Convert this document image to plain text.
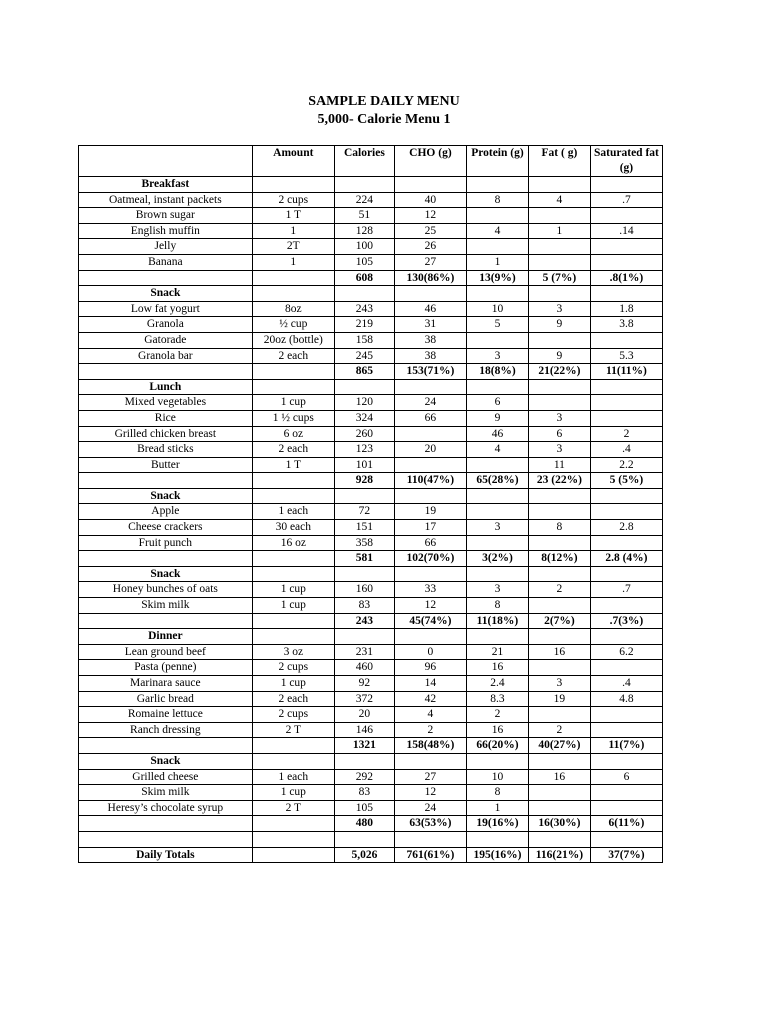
SAMPLE DAILY MENU
5,000- Calorie Menu 1
	Amount	Calories	CHO (g)	Protein (g)	Fat ( g)	Saturated fat (g)
Breakfast						
Oatmeal, instant packets	2 cups	224	40	8	4	.7
Brown sugar	1 T	51	12			
English muffin	1	128	25	4	1	.14
Jelly	2T	100	26			
Banana	1	105	27	1		
		608	130(86%)	13(9%)	5 (7%)	.8(1%)
Snack						
Low fat yogurt	8oz	243	46	10	3	1.8
Granola	½ cup	219	31	5	9	3.8
Gatorade	20oz (bottle)	158	38			
Granola bar	2 each	245	38	3	9	5.3
		865	153(71%)	18(8%)	21(22%)	11(11%)
Lunch						
Mixed vegetables	1 cup	120	24	6		
Rice	1 ½ cups	324	66	9	3	
Grilled chicken breast	6 oz	260		46	6	2
Bread sticks	2 each	123	20	4	3	.4
Butter	1 T	101			11	2.2
		928	110(47%)	65(28%)	23 (22%)	5 (5%)
Snack						
Apple	1 each	72	19			
Cheese crackers	30 each	151	17	3	8	2.8
Fruit punch	16 oz	358	66			
		581	102(70%)	3(2%)	8(12%)	2.8 (4%)
Snack						
Honey bunches of oats	1 cup	160	33	3	2	.7
Skim milk	1 cup	83	12	8		
		243	45(74%)	11(18%)	2(7%)	.7(3%)
Dinner						
Lean ground beef	3 oz	231	0	21	16	6.2
Pasta (penne)	2 cups	460	96	16		
Marinara sauce	1 cup	92	14	2.4	3	.4
Garlic bread	2 each	372	42	8.3	19	4.8
Romaine lettuce	2 cups	20	4	2		
Ranch dressing	2 T	146	2	16	2	
		1321	158(48%)	66(20%)	40(27%)	11(7%)
Snack						
Grilled cheese	1 each	292	27	10	16	6
Skim milk	1 cup	83	12	8		
Heresy’s chocolate syrup	2 T	105	24	1		
		480	63(53%)	19(16%)	16(30%)	6(11%)

Daily Totals		5,026	761(61%)	195(16%)	116(21%)	37(7%)
